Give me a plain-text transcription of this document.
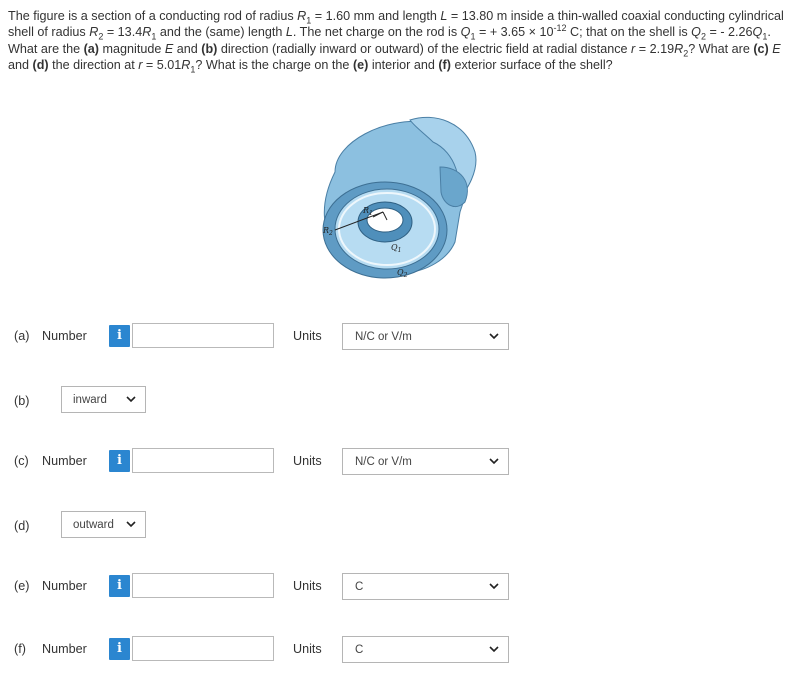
The figure is a section of a conducting rod of radius $R_1 = 1.60$ mm and length L = 13.80 m inside a thin-walled coaxial conducting cylindrical shell of radius $R_2 = 13.4R_1$ and the (same) length L. The net charge on the rod is $Q_1$ = + $3.65 \times 10^{-12}$ C; that on the shell is $Q_2$ = - $2.26Q_1$. What are the (a) magnitude E and (b) direction (radially inward or outward) of the electric field at radial distance $r = 2.19R_2$? What are (c) E and (d) the direction at $r = 5.01R_1$? What is the charge on the (e) interior and (f) exterior surface of the shell?
$R_1$
$R_2$
$Q_1$
$Q_2$
(a) Number	i	Units	N/C or V/m
(b)	inward
(c)	Number	i	Units	N/C or V/m
(d)	outward
(e) Number	i	Units	C
(f)	Number	i	Units	C
